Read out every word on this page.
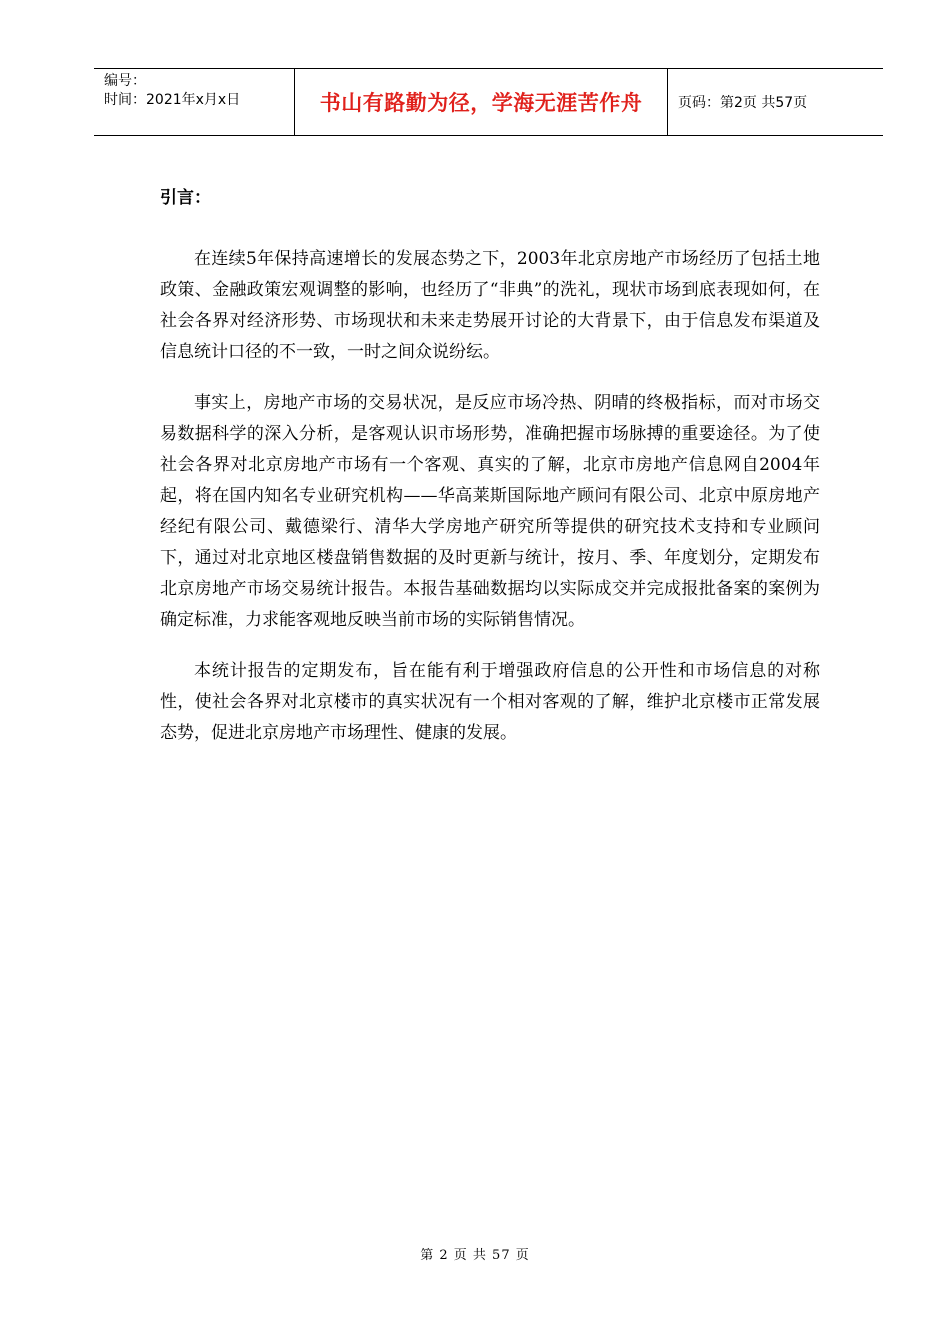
编号：
时间：2021年x月x日	书山有路勤为径，学海无涯苦作舟	页码：第2页 共57页
引言：

在连续5年保持高速增长的发展态势之下，2003年北京房地产市场经历了包括土地政策、金融政策宏观调整的影响，也经历了“非典”的洗礼，现状市场到底表现如何，在社会各界对经济形势、市场现状和未来走势展开讨论的大背景下，由于信息发布渠道及信息统计口径的不一致，一时之间众说纷纭。

事实上，房地产市场的交易状况，是反应市场冷热、阴晴的终极指标，而对市场交易数据科学的深入分析，是客观认识市场形势，准确把握市场脉搏的重要途径。为了使社会各界对北京房地产市场有一个客观、真实的了解，北京市房地产信息网自2004年起，将在国内知名专业研究机构——华高莱斯国际地产顾问有限公司、北京中原房地产经纪有限公司、戴德梁行、清华大学房地产研究所等提供的研究技术支持和专业顾问下，通过对北京地区楼盘销售数据的及时更新与统计，按月、季、年度划分，定期发布北京房地产市场交易统计报告。本报告基础数据均以实际成交并完成报批备案的案例为确定标准，力求能客观地反映当前市场的实际销售情况。

本统计报告的定期发布，旨在能有利于增强政府信息的公开性和市场信息的对称性，使社会各界对北京楼市的真实状况有一个相对客观的了解，维护北京楼市正常发展态势，促进北京房地产市场理性、健康的发展。

第 2 页 共 57 页
